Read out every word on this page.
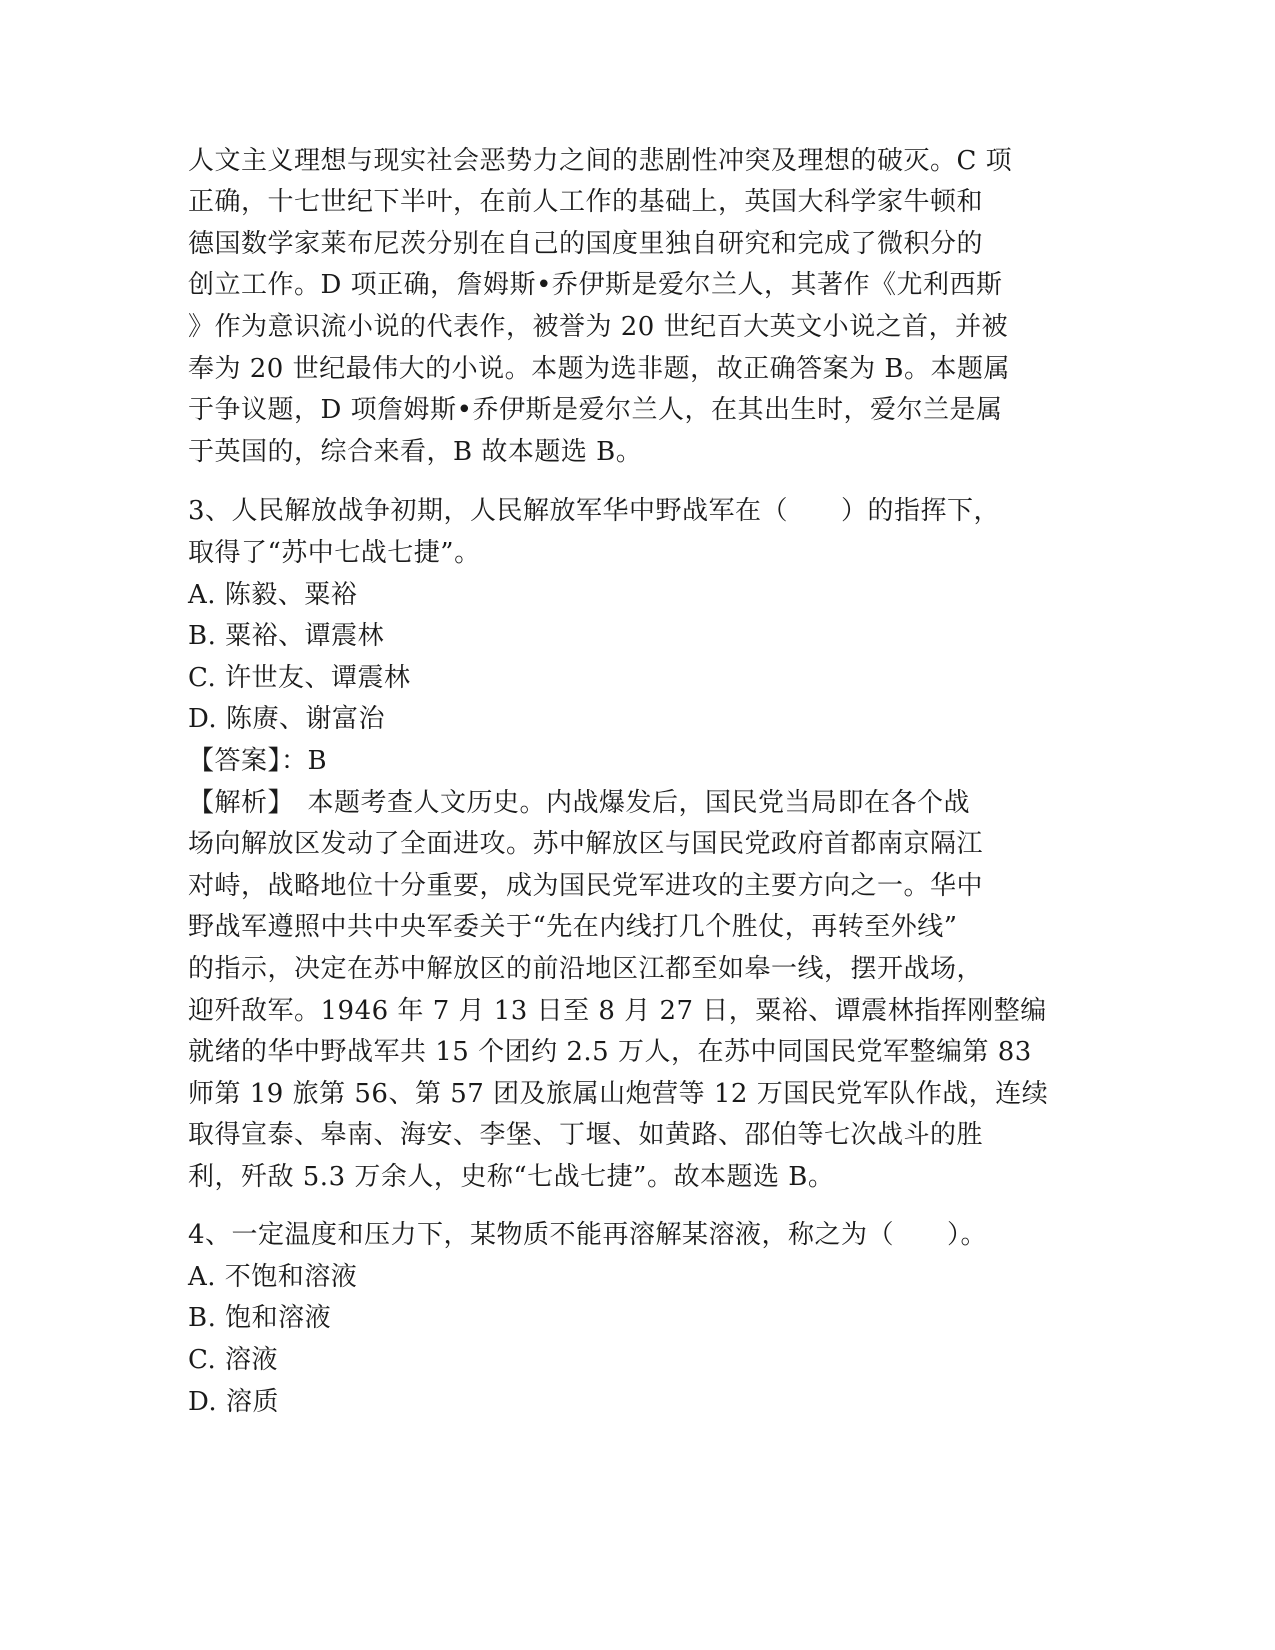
人文主义理想与现实社会恶势力之间的悲剧性冲突及理想的破灭。C 项
正确，十七世纪下半叶，在前人工作的基础上，英国大科学家牛顿和
德国数学家莱布尼茨分别在自己的国度里独自研究和完成了微积分的
创立工作。D 项正确，詹姆斯•乔伊斯是爱尔兰人，其著作《尤利西斯
》作为意识流小说的代表作，被誉为 20 世纪百大英文小说之首，并被
奉为 20 世纪最伟大的小说。本题为选非题，故正确答案为 B。本题属
于争议题，D 项詹姆斯•乔伊斯是爱尔兰人，在其出生时，爱尔兰是属
于英国的，综合来看，B 故本题选 B。
3、人民解放战争初期，人民解放军华中野战军在（　　）的指挥下，
取得了“苏中七战七捷”。
A. 陈毅、粟裕
B. 粟裕、谭震林
C. 许世友、谭震林
D. 陈赓、谢富治
【答案】：B
【解析】　本题考查人文历史。内战爆发后，国民党当局即在各个战
场向解放区发动了全面进攻。苏中解放区与国民党政府首都南京隔江
对峙，战略地位十分重要，成为国民党军进攻的主要方向之一。华中
野战军遵照中共中央军委关于“先在内线打几个胜仗，再转至外线”
的指示，决定在苏中解放区的前沿地区江都至如皋一线，摆开战场，
迎歼敌军。1946 年 7 月 13 日至 8 月 27 日，粟裕、谭震林指挥刚整编
就绪的华中野战军共 15 个团约 2.5 万人，在苏中同国民党军整编第 83
师第 19 旅第 56、第 57 团及旅属山炮营等 12 万国民党军队作战，连续
取得宣泰、皋南、海安、李堡、丁堰、如黄路、邵伯等七次战斗的胜
利，歼敌 5.3 万余人，史称“七战七捷”。故本题选 B。
4、一定温度和压力下，某物质不能再溶解某溶液，称之为（　　）。
A. 不饱和溶液
B. 饱和溶液
C. 溶液
D. 溶质
